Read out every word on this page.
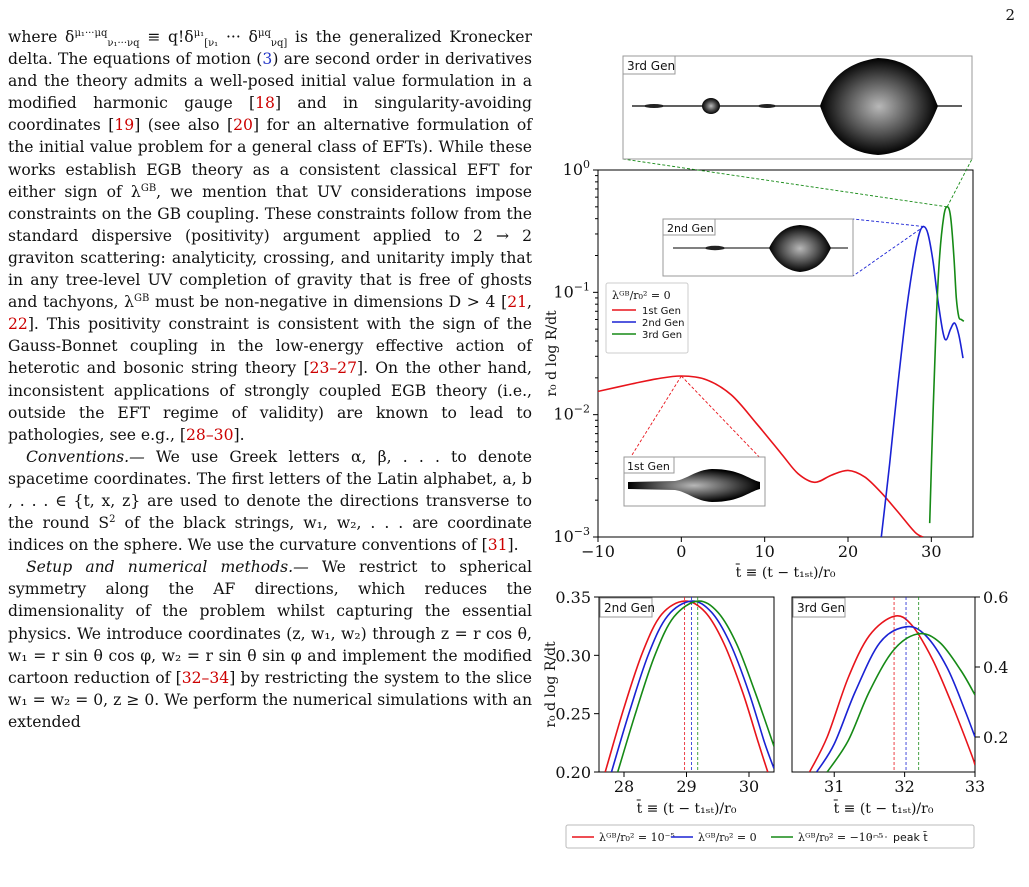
2

where $\delta^{\mu_1\cdot\cdot\cdot\mu q}_{\nu_1\cdot\cdot\cdot\nu q} \equiv q!\delta^{\mu_1}_{[\nu_1}$ ··· $\delta^{\mu q}_{\nu q]}$ is the generalized Kronecker delta. The equations of motion (3) are second order in derivatives and the theory admits a well-posed initial value formulation in a modified harmonic gauge [18] and in singularity-avoiding coordinates [19] (see also [20] for an alternative formulation of the initial value problem for a general class of EFTs). While these works establish EGB theory as a consistent classical EFT for either sign of $\lambda^{GB}$, we mention that UV considerations impose constraints on the GB coupling. These constraints follow from the standard dispersive (positivity) argument applied to 2 → 2 graviton scattering: analyticity, crossing, and unitarity imply that in any tree-level UV completion of gravity that is free of ghosts and tachyons, $\lambda^{GB}$ must be non-negative in dimensions D > 4 [21, 22]. This positivity constraint is consistent with the sign of the Gauss-Bonnet coupling in the low-energy effective action of heterotic and bosonic string theory [23–27]. On the other hand, inconsistent applications of strongly coupled EGB theory (i.e., outside the EFT regime of validity) are known to lead to pathologies, see e.g., [28–30].

Conventions.— We use Greek letters α, β, . . . to denote spacetime coordinates. The first letters of the Latin alphabet, a, b , . . . ∈ {t, x, z} are used to denote the directions transverse to the round $S^2$ of the black strings, w₁, w₂, . . . are coordinate indices on the sphere. We use the curvature conventions of [31].

Setup and numerical methods.— We restrict to spherical symmetry along the AF directions, which reduces the dimensionality of the problem whilst capturing the essential physics. We introduce coordinates (z, w₁, w₂) through z = r cos θ, w₁ = r sin θ cos φ, w₂ = r sin θ sin φ and implement the modified cartoon reduction of [32–34] by restricting the system to the slice w₁ = w₂ = 0, z ≥ 0. We perform the numerical simulations with an extended

−10	0	10	20	30
$10^{-3}$
$10^{-2}$
$10^{-1}$
$10^0$
r₀ d log R/dt
t̄ ≡ (t − t₁ₛₜ)/r₀
λᴳᴮ/r₀² = 0
1st Gen
2nd Gen
3rd Gen
3rd Gen
2nd Gen
1st Gen
28	29	30
0.20
0.25
0.30
0.35
2nd Gen
t̄ ≡ (t − t₁ₛₜ)/r₀
r₀ d log R/dt
31	32	33
0.2
0.4
0.6
3rd Gen
t̄ ≡ (t − t₁ₛₜ)/r₀
λᴳᴮ/r₀² = 10⁻⁵ λᴳᴮ/r₀² = 0	λᴳᴮ/r₀² = −10⁻⁵ peak t̄
